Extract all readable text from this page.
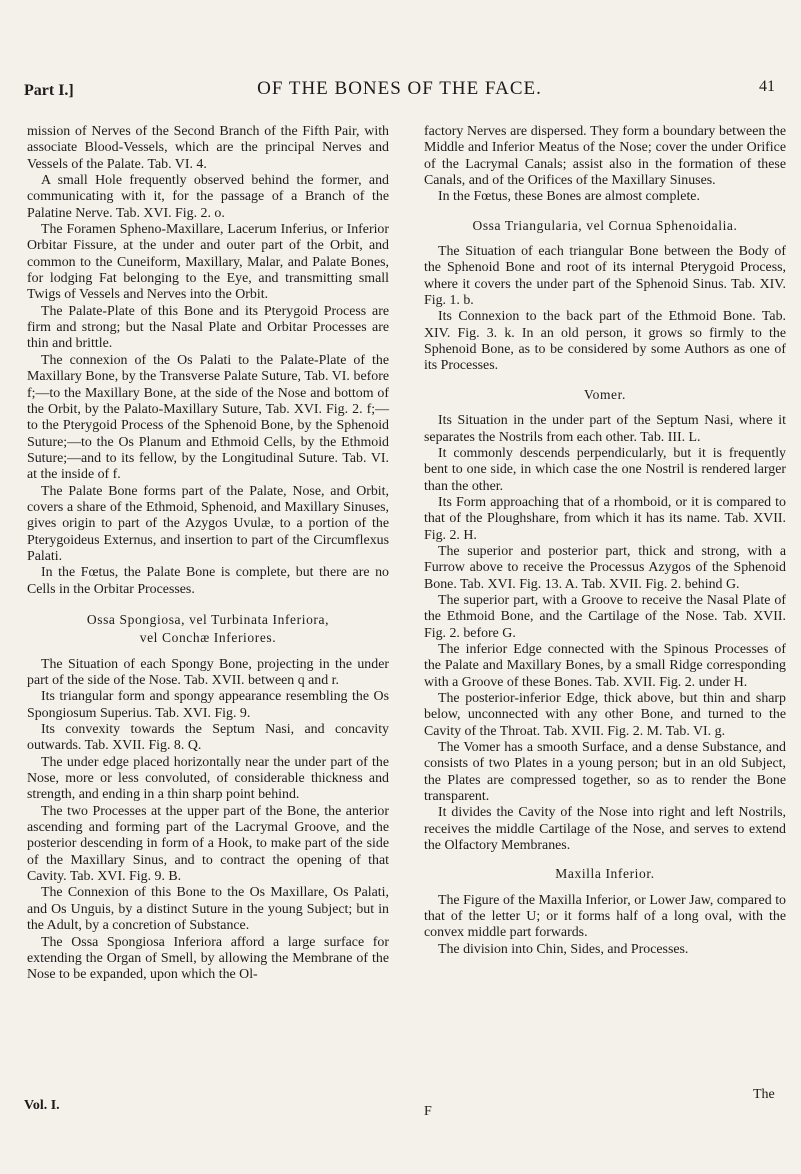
Part I.]	OF THE BONES OF THE FACE.	41

mission of Nerves of the Second Branch of the Fifth Pair, with associate Blood-Vessels, which are the principal Nerves and Vessels of the Palate. Tab. VI. 4.

A small Hole frequently observed behind the former, and communicating with it, for the passage of a Branch of the Palatine Nerve. Tab. XVI. Fig. 2. o.

The Foramen Spheno-Maxillare, Lacerum Inferius, or Inferior Orbitar Fissure, at the under and outer part of the Orbit, and common to the Cuneiform, Maxillary, Malar, and Palate Bones, for lodging Fat belonging to the Eye, and transmitting small Twigs of Vessels and Nerves into the Orbit.

The Palate-Plate of this Bone and its Pterygoid Process are firm and strong; but the Nasal Plate and Orbitar Processes are thin and brittle.

The connexion of the Os Palati to the Palate-Plate of the Maxillary Bone, by the Transverse Palate Suture, Tab. VI. before f;—to the Maxillary Bone, at the side of the Nose and bottom of the Orbit, by the Palato-Maxillary Suture, Tab. XVI. Fig. 2. f;—to the Pterygoid Process of the Sphenoid Bone, by the Sphenoid Suture;—to the Os Planum and Ethmoid Cells, by the Ethmoid Suture;—and to its fellow, by the Longitudinal Suture. Tab. VI. at the inside of f.

The Palate Bone forms part of the Palate, Nose, and Orbit, covers a share of the Ethmoid, Sphenoid, and Maxillary Sinuses, gives origin to part of the Azygos Uvulæ, to a portion of the Pterygoideus Externus, and insertion to part of the Circumflexus Palati.

In the Fœtus, the Palate Bone is complete, but there are no Cells in the Orbitar Processes.

Ossa Spongiosa, vel Turbinata Inferiora,
vel Conchæ Inferiores.

The Situation of each Spongy Bone, projecting in the under part of the side of the Nose. Tab. XVII. between q and r.

Its triangular form and spongy appearance resembling the Os Spongiosum Superius. Tab. XVI. Fig. 9.

Its convexity towards the Septum Nasi, and concavity outwards. Tab. XVII. Fig. 8. Q.

The under edge placed horizontally near the under part of the Nose, more or less convoluted, of considerable thickness and strength, and ending in a thin sharp point behind.

The two Processes at the upper part of the Bone, the anterior ascending and forming part of the Lacrymal Groove, and the posterior descending in form of a Hook, to make part of the side of the Maxillary Sinus, and to contract the opening of that Cavity. Tab. XVI. Fig. 9. B.

The Connexion of this Bone to the Os Maxillare, Os Palati, and Os Unguis, by a distinct Suture in the young Subject; but in the Adult, by a concretion of Substance.

The Ossa Spongiosa Inferiora afford a large surface for extending the Organ of Smell, by allowing the Membrane of the Nose to be expanded, upon which the Ol-

factory Nerves are dispersed. They form a boundary between the Middle and Inferior Meatus of the Nose; cover the under Orifice of the Lacrymal Canals; assist also in the formation of these Canals, and of the Orifices of the Maxillary Sinuses.

In the Fœtus, these Bones are almost complete.

Ossa Triangularia, vel Cornua Sphenoidalia.

The Situation of each triangular Bone between the Body of the Sphenoid Bone and root of its internal Pterygoid Process, where it covers the under part of the Sphenoid Sinus. Tab. XIV. Fig. 1. b.

Its Connexion to the back part of the Ethmoid Bone. Tab. XIV. Fig. 3. k. In an old person, it grows so firmly to the Sphenoid Bone, as to be considered by some Authors as one of its Processes.

Vomer.

Its Situation in the under part of the Septum Nasi, where it separates the Nostrils from each other. Tab. III. L.

It commonly descends perpendicularly, but it is frequently bent to one side, in which case the one Nostril is rendered larger than the other.

Its Form approaching that of a rhomboid, or it is compared to that of the Ploughshare, from which it has its name. Tab. XVII. Fig. 2. H.

The superior and posterior part, thick and strong, with a Furrow above to receive the Processus Azygos of the Sphenoid Bone. Tab. XVI. Fig. 13. A. Tab. XVII. Fig. 2. behind G.

The superior part, with a Groove to receive the Nasal Plate of the Ethmoid Bone, and the Cartilage of the Nose. Tab. XVII. Fig. 2. before G.

The inferior Edge connected with the Spinous Processes of the Palate and Maxillary Bones, by a small Ridge corresponding with a Groove of these Bones. Tab. XVII. Fig. 2. under H.

The posterior-inferior Edge, thick above, but thin and sharp below, unconnected with any other Bone, and turned to the Cavity of the Throat. Tab. XVII. Fig. 2. M. Tab. VI. g.

The Vomer has a smooth Surface, and a dense Substance, and consists of two Plates in a young person; but in an old Subject, the Plates are compressed together, so as to render the Bone transparent.

It divides the Cavity of the Nose into right and left Nostrils, receives the middle Cartilage of the Nose, and serves to extend the Olfactory Membranes.

Maxilla Inferior.

The Figure of the Maxilla Inferior, or Lower Jaw, compared to that of the letter U; or it forms half of a long oval, with the convex middle part forwards.

The division into Chin, Sides, and Processes.

Vol. I.	F
The
